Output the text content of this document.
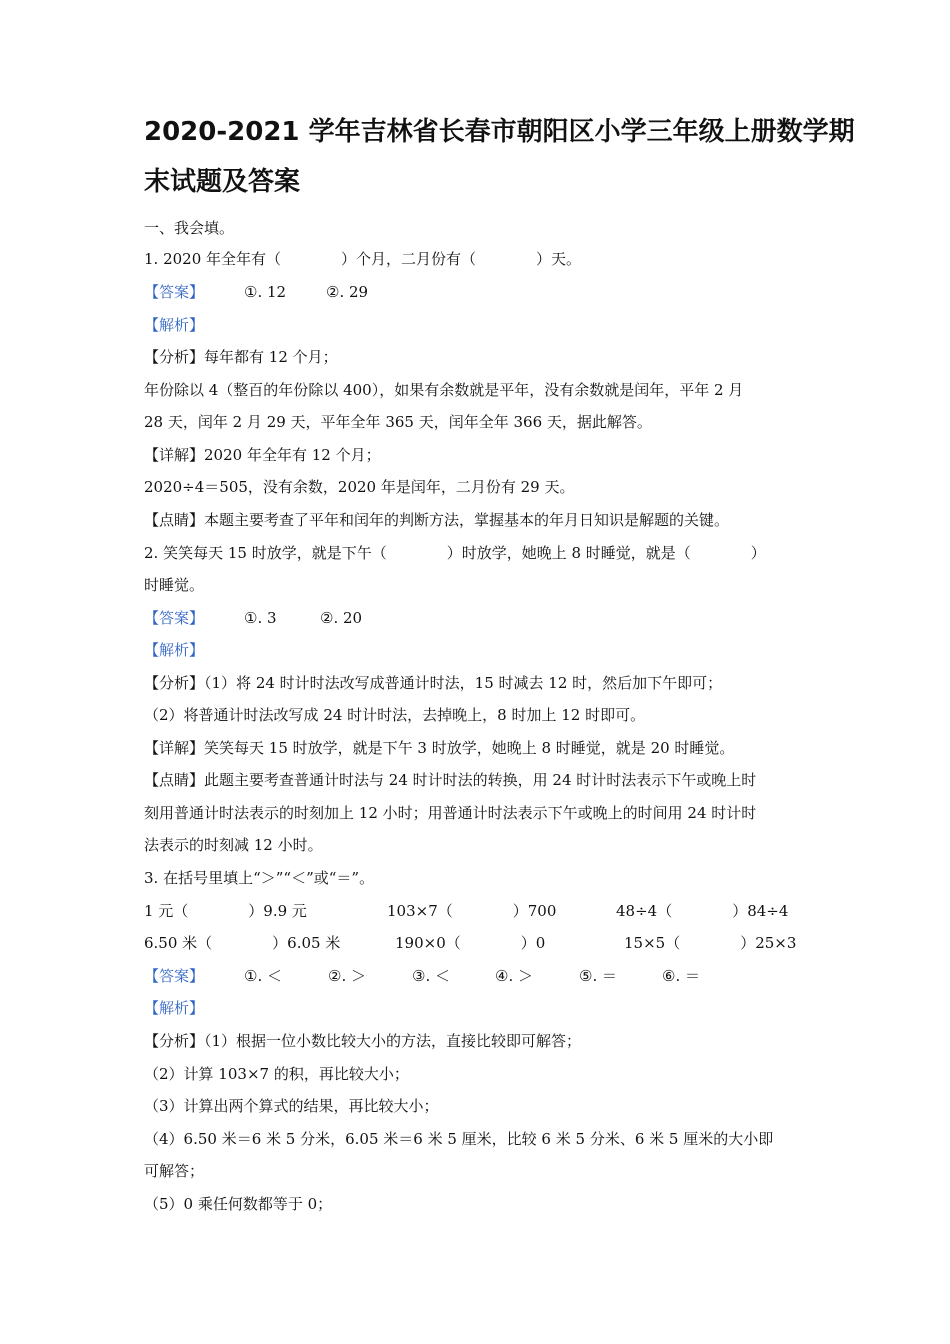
2020-2021 学年吉林省长春市朝阳区小学三年级上册数学期
末试题及答案
一、我会填。
1. 2020 年全年有（　　　　）个月，二月份有（　　　　）天。
【答案】	①. 12	②. 29
【解析】
【分析】每年都有 12 个月；
年份除以 4（整百的年份除以 400），如果有余数就是平年，没有余数就是闰年，平年 2 月
28 天，闰年 2 月 29 天，平年全年 365 天，闰年全年 366 天，据此解答。
【详解】2020 年全年有 12 个月；
2020÷4＝505，没有余数，2020 年是闰年，二月份有 29 天。
【点睛】本题主要考查了平年和闰年的判断方法，掌握基本的年月日知识是解题的关键。
2. 笑笑每天 15 时放学，就是下午（　　　　）时放学，她晚上 8 时睡觉，就是（　　　　）
时睡觉。
【答案】	①. 3	②. 20
【解析】
【分析】（1）将 24 时计时法改写成普通计时法，15 时减去 12 时，然后加下午即可；
（2）将普通计时法改写成 24 时计时法，去掉晚上，8 时加上 12 时即可。
【详解】笑笑每天 15 时放学，就是下午 3 时放学，她晚上 8 时睡觉，就是 20 时睡觉。
【点睛】此题主要考查普通计时法与 24 时计时法的转换，用 24 时计时法表示下午或晚上时
刻用普通计时法表示的时刻加上 12 小时；用普通计时法表示下午或晚上的时间用 24 时计时
法表示的时刻减 12 小时。
3. 在括号里填上“＞”“＜”或“＝”。
1 元（　　　　）9.9 元	103×7（　　　　）700	48÷4（　　　　）84÷4
6.50 米（　　　　）6.05 米	190×0（　　　　）0	15×5（　　　　）25×3
【答案】	①. ＜	②. ＞	③. ＜	④. ＞	⑤. ＝	⑥. ＝
【解析】
【分析】（1）根据一位小数比较大小的方法，直接比较即可解答；
（2）计算 103×7 的积，再比较大小；
（3）计算出两个算式的结果，再比较大小；
（4）6.50 米＝6 米 5 分米，6.05 米＝6 米 5 厘米，比较 6 米 5 分米、6 米 5 厘米的大小即
可解答；
（5）0 乘任何数都等于 0；
